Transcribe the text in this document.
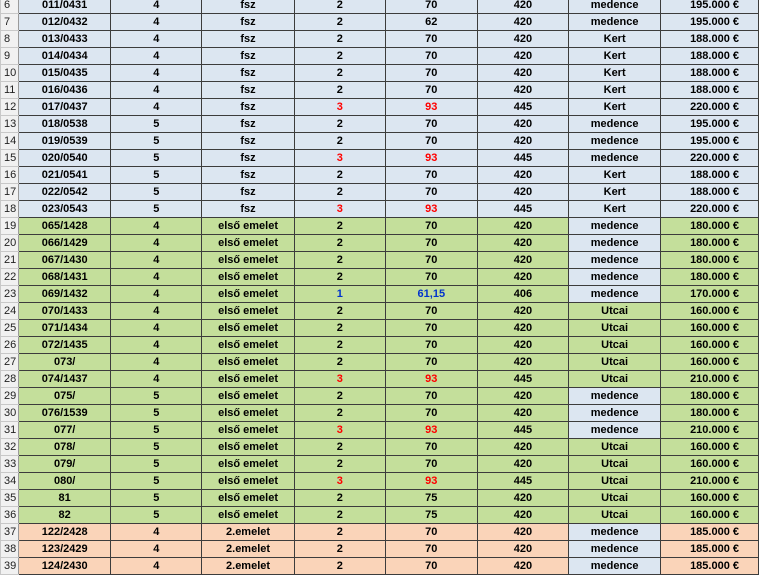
6	011/0431	4	fsz	2	70	420	medence	195.000 €
7	012/0432	4	fsz	2	62	420	medence	195.000 €
8	013/0433	4	fsz	2	70	420	Kert	188.000 €
9	014/0434	4	fsz	2	70	420	Kert	188.000 €
10	015/0435	4	fsz	2	70	420	Kert	188.000 €
11	016/0436	4	fsz	2	70	420	Kert	188.000 €
12	017/0437	4	fsz	3	93	445	Kert	220.000 €
13	018/0538	5	fsz	2	70	420	medence	195.000 €
14	019/0539	5	fsz	2	70	420	medence	195.000 €
15	020/0540	5	fsz	3	93	445	medence	220.000 €
16	021/0541	5	fsz	2	70	420	Kert	188.000 €
17	022/0542	5	fsz	2	70	420	Kert	188.000 €
18	023/0543	5	fsz	3	93	445	Kert	220.000 €
19	065/1428	4	első emelet	2	70	420	medence	180.000 €
20	066/1429	4	első emelet	2	70	420	medence	180.000 €
21	067/1430	4	első emelet	2	70	420	medence	180.000 €
22	068/1431	4	első emelet	2	70	420	medence	180.000 €
23	069/1432	4	első emelet	1	61,15	406	medence	170.000 €
24	070/1433	4	első emelet	2	70	420	Utcai	160.000 €
25	071/1434	4	első emelet	2	70	420	Utcai	160.000 €
26	072/1435	4	első emelet	2	70	420	Utcai	160.000 €
27	073/	4	első emelet	2	70	420	Utcai	160.000 €
28	074/1437	4	első emelet	3	93	445	Utcai	210.000 €
29	075/	5	első emelet	2	70	420	medence	180.000 €
30	076/1539	5	első emelet	2	70	420	medence	180.000 €
31	077/	5	első emelet	3	93	445	medence	210.000 €
32	078/	5	első emelet	2	70	420	Utcai	160.000 €
33	079/	5	első emelet	2	70	420	Utcai	160.000 €
34	080/	5	első emelet	3	93	445	Utcai	210.000 €
35	81	5	első emelet	2	75	420	Utcai	160.000 €
36	82	5	első emelet	2	75	420	Utcai	160.000 €
37	122/2428	4	2.emelet	2	70	420	medence	185.000 €
38	123/2429	4	2.emelet	2	70	420	medence	185.000 €
39	124/2430	4	2.emelet	2	70	420	medence	185.000 €
